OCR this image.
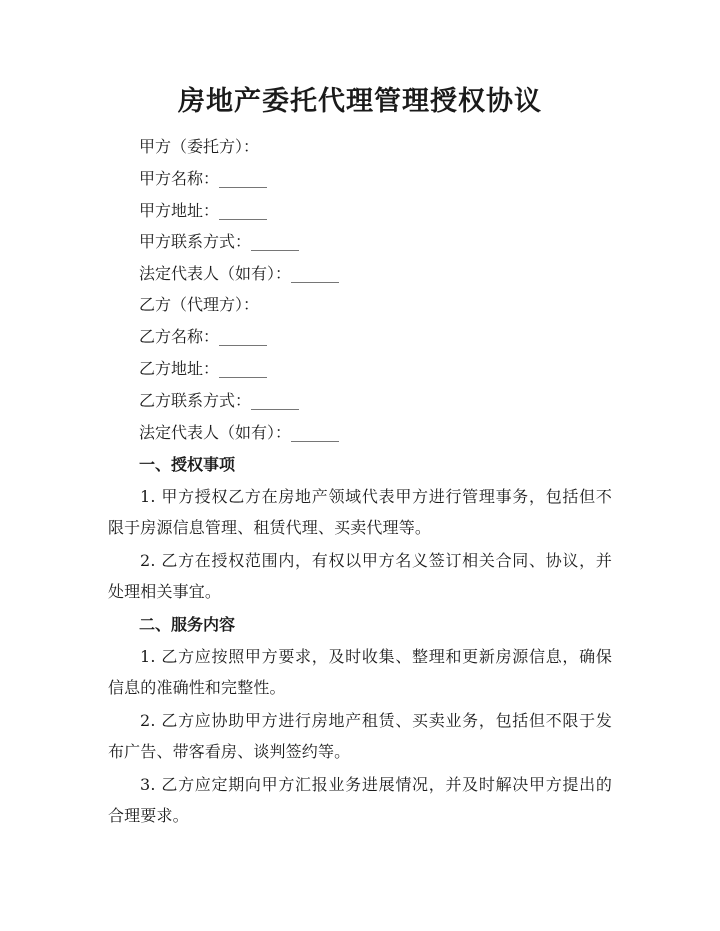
房地产委托代理管理授权协议
甲方（委托方）：
甲方名称：______
甲方地址：______
甲方联系方式：______
法定代表人（如有）：______
乙方（代理方）：
乙方名称：______
乙方地址：______
乙方联系方式：______
法定代表人（如有）：______
一、授权事项
1. 甲方授权乙方在房地产领域代表甲方进行管理事务，包括但不限于房源信息管理、租赁代理、买卖代理等。
2. 乙方在授权范围内，有权以甲方名义签订相关合同、协议，并处理相关事宜。
二、服务内容
1. 乙方应按照甲方要求，及时收集、整理和更新房源信息，确保信息的准确性和完整性。
2. 乙方应协助甲方进行房地产租赁、买卖业务，包括但不限于发布广告、带客看房、谈判签约等。
3. 乙方应定期向甲方汇报业务进展情况，并及时解决甲方提出的合理要求。
